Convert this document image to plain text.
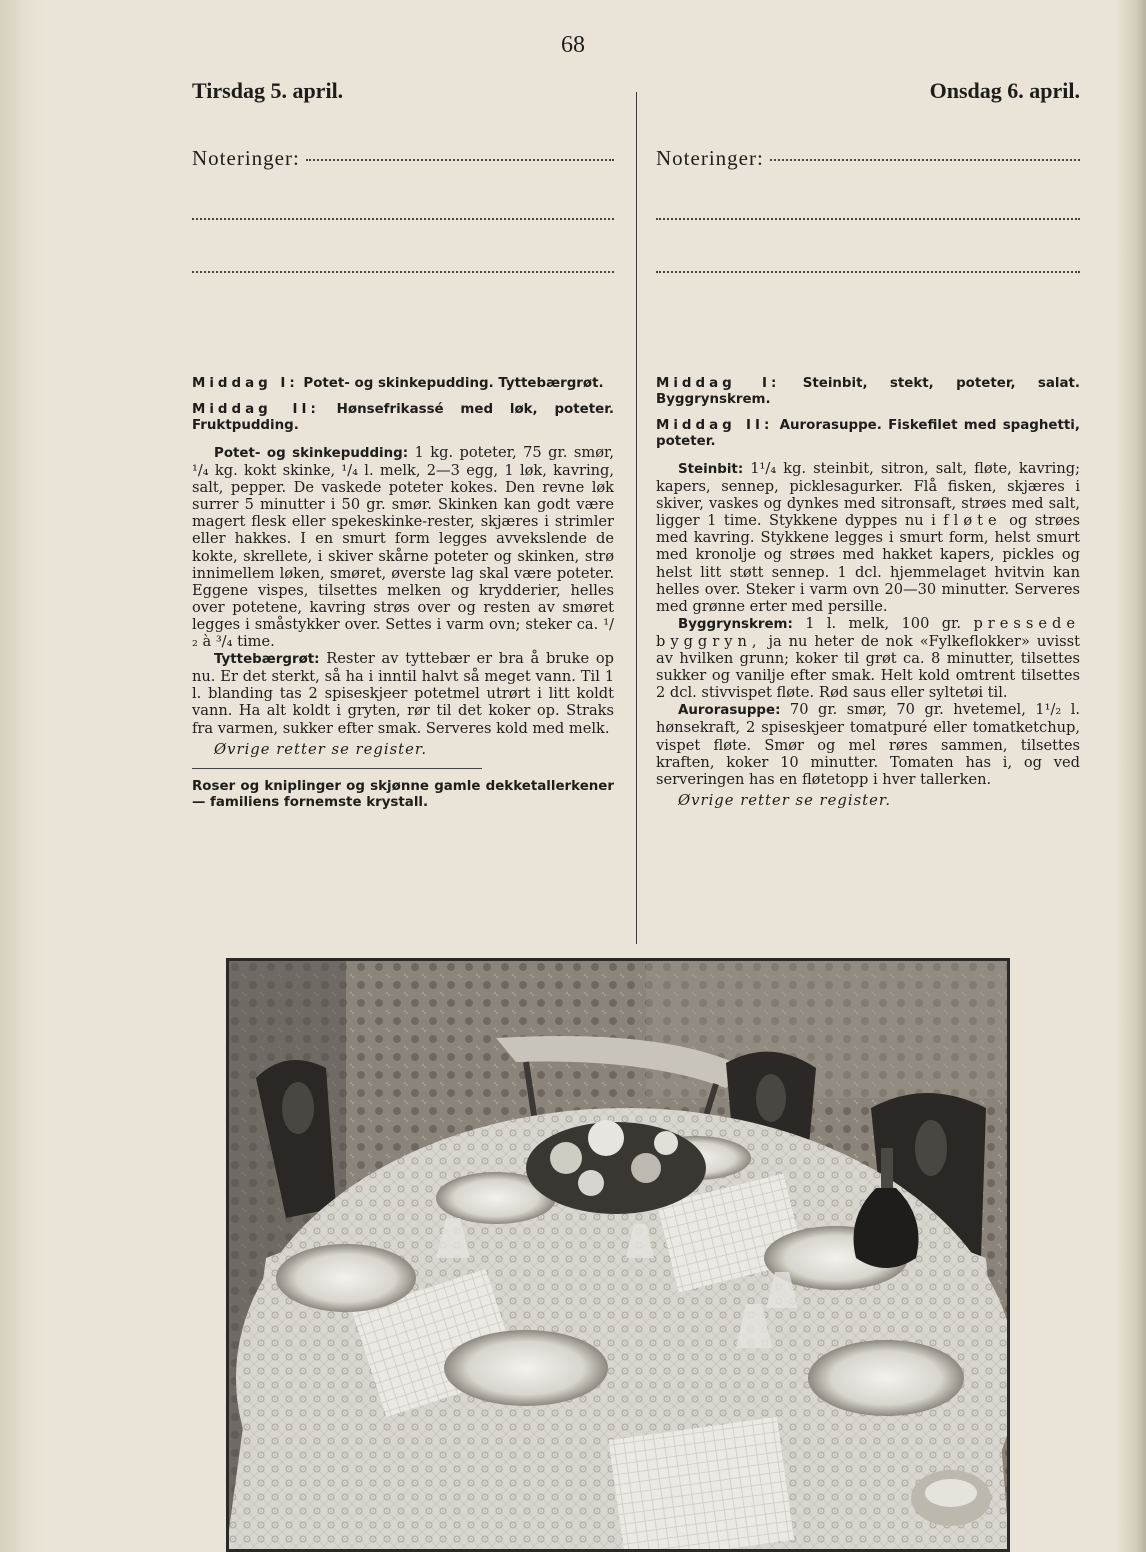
68
Tirsdag 5. april.
Noteringer:

Middag I: Potet- og skinkepudding. Tyttebærgrøt.

Middag II: Hønsefrikassé med løk, poteter. Fruktpudding.

Potet- og skinkepudding: 1 kg. poteter, 75 gr. smør, ¹/₄ kg. kokt skinke, ¹/₄ l. melk, 2—3 egg, 1 løk, kavring, salt, pepper. De vaskede poteter kokes. Den revne løk surrer 5 minutter i 50 gr. smør. Skinken kan godt være magert flesk eller spekeskinke-rester, skjæres i strimler eller hakkes. I en smurt form legges avvekslende de kokte, skrellete, i skiver skårne poteter og skinken, strø innimellem løken, smøret, øverste lag skal være poteter. Eggene vispes, tilsettes melken og krydderier, helles over potetene, kavring strøs over og resten av smøret legges i småstykker over. Settes i varm ovn; steker ca. ¹/₂ à ³/₄ time.

Tyttebærgrøt: Rester av tyttebær er bra å bruke op nu. Er det sterkt, så ha i inntil halvt så meget vann. Til 1 l. blanding tas 2 spiseskjeer potetmel utrørt i litt koldt vann. Ha alt koldt i gryten, rør til det koker op. Straks fra varmen, sukker efter smak. Serveres kold med melk.

Øvrige retter se register.

Roser og kniplinger og skjønne gamle dekketallerkener — familiens fornemste krystall.

Onsdag 6. april.
Noteringer:

Middag I: Steinbit, stekt, poteter, salat. Byggrynskrem.

Middag II: Aurorasuppe. Fiskefilet med spaghetti, poteter.

Steinbit: 1¹/₄ kg. steinbit, sitron, salt, fløte, kavring; kapers, sennep, picklesagurker. Flå fisken, skjæres i skiver, vaskes og dynkes med sitronsaft, strøes med salt, ligger 1 time. Stykkene dyppes nu i fløte og strøes med kavring. Stykkene legges i smurt form, helst smurt med kronolje og strøes med hakket kapers, pickles og helst litt støtt sennep. 1 dcl. hjemmelaget hvitvin kan helles over. Steker i varm ovn 20—30 minutter. Serveres med grønne erter med persille.

Byggrynskrem: 1 l. melk, 100 gr. pressede byggryn, ja nu heter de nok «Fylkeflokker» uvisst av hvilken grunn; koker til grøt ca. 8 minutter, tilsettes sukker og vanilje efter smak. Helt kold omtrent tilsettes 2 dcl. stivvispet fløte. Rød saus eller syltetøi til.

Aurorasuppe: 70 gr. smør, 70 gr. hvetemel, 1¹/₂ l. hønsekraft, 2 spiseskjeer tomatpuré eller tomatketchup, vispet fløte. Smør og mel røres sammen, tilsettes kraften, koker 10 minutter. Tomaten has i, og ved serveringen has en fløtetopp i hver tallerken.

Øvrige retter se register.
